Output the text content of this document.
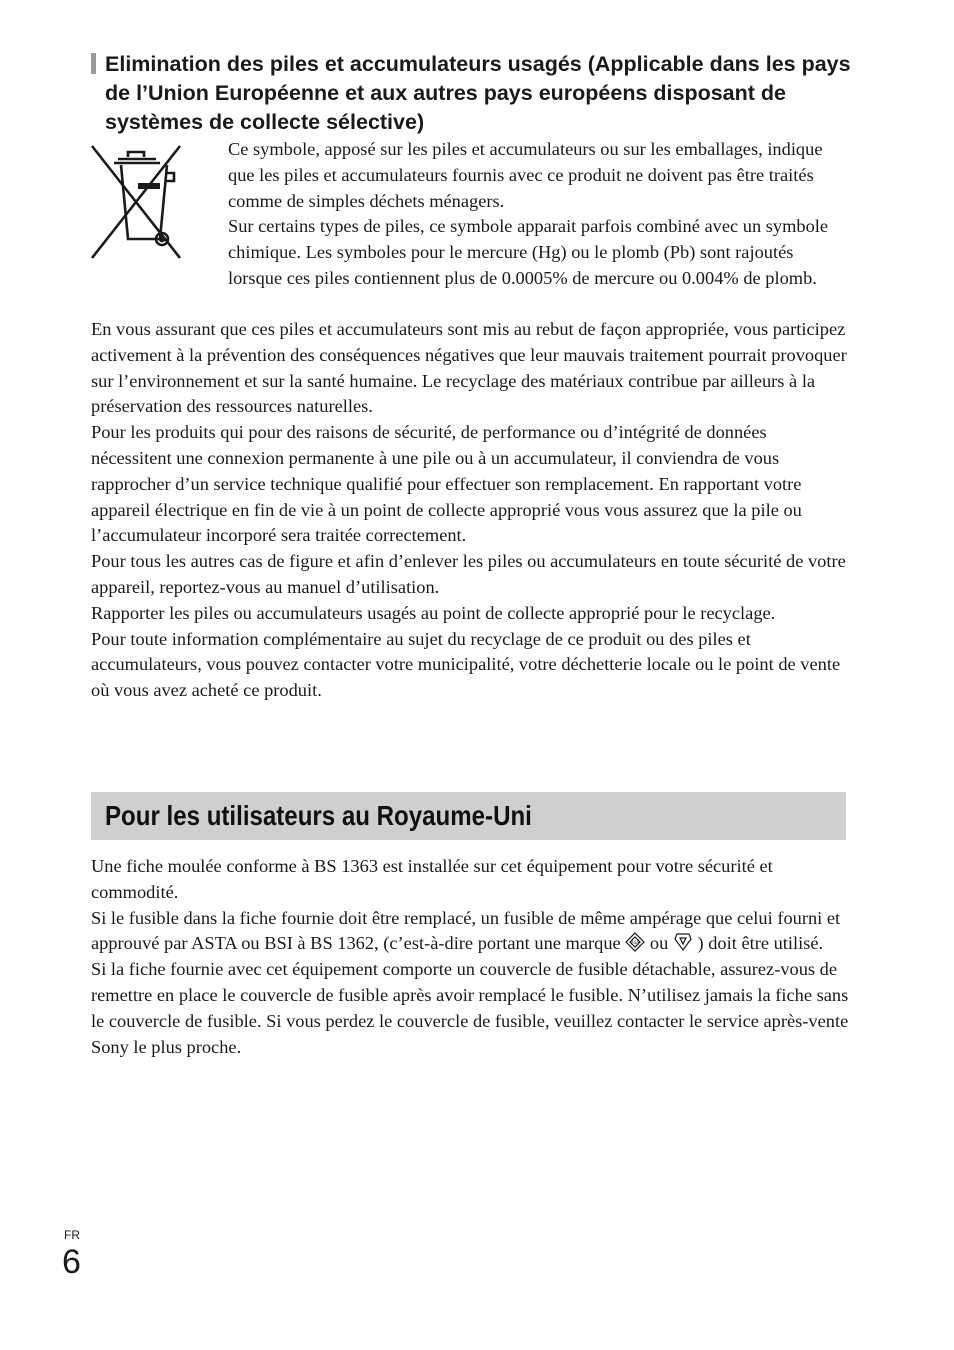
Elimination des piles et accumulateurs usagés (Applicable dans les pays de l’Union Européenne et aux autres pays européens disposant de systèmes de collecte sélective)

Ce symbole, apposé sur les piles et accumulateurs ou sur les emballages, indique que les piles et accumulateurs fournis avec ce produit ne doivent pas être traités comme de simples déchets ménagers.

Sur certains types de piles, ce symbole apparait parfois combiné avec un symbole chimique. Les symboles pour le mercure (Hg) ou le plomb (Pb) sont rajoutés lorsque ces piles contiennent plus de 0.0005% de mercure ou 0.004% de plomb.

En vous assurant que ces piles et accumulateurs sont mis au rebut de façon appropriée, vous participez activement à la prévention des conséquences négatives que leur mauvais traitement pourrait provoquer sur l’environnement et sur la santé humaine. Le recyclage des matériaux contribue par ailleurs à la préservation des ressources naturelles.

Pour les produits qui pour des raisons de sécurité, de performance ou d’intégrité de données nécessitent une connexion permanente à une pile ou à un accumulateur, il conviendra de vous rapprocher d’un service technique qualifié pour effectuer son remplacement. En rapportant votre appareil électrique en fin de vie à un point de collecte approprié vous vous assurez que la pile ou l’accumulateur incorporé sera traitée correctement.

Pour tous les autres cas de figure et afin d’enlever les piles ou accumulateurs en toute sécurité de votre appareil, reportez-vous au manuel d’utilisation.

Rapporter les piles ou accumulateurs usagés au point de collecte approprié pour le recyclage.

Pour toute information complémentaire au sujet du recyclage de ce produit ou des piles et accumulateurs, vous pouvez contacter votre municipalité, votre déchetterie locale ou le point de vente où vous avez acheté ce produit.

Pour les utilisateurs au Royaume-Uni

Une fiche moulée conforme à BS 1363 est installée sur cet équipement pour votre sécurité et commodité.

Si le fusible dans la fiche fournie doit être remplacé, un fusible de même ampérage que celui fourni et approuvé par ASTA ou BSI à BS 1362, (c’est-à-dire portant une marque	ASA ou ) doit être utilisé.

Si la fiche fournie avec cet équipement comporte un couvercle de fusible détachable, assurez-vous de remettre en place le couvercle de fusible après avoir remplacé le fusible. N’utilisez jamais la fiche sans le couvercle de fusible. Si vous perdez le couvercle de fusible, veuillez contacter le service après-vente Sony le plus proche.

FR
6
